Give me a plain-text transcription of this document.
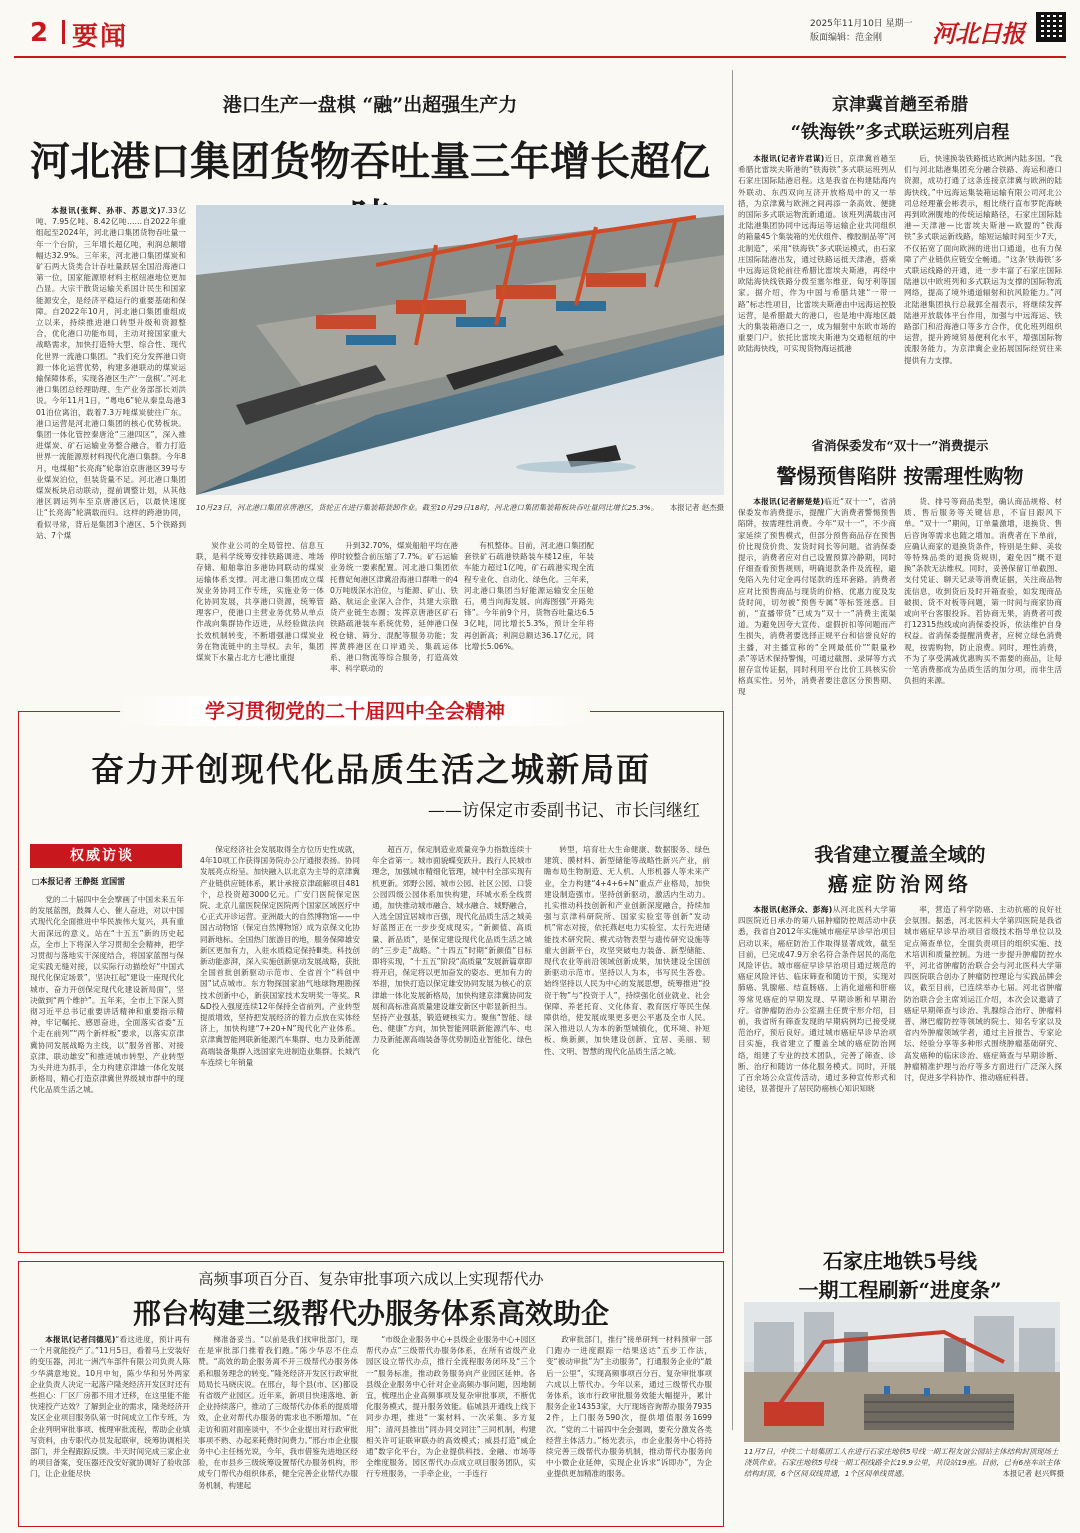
2 要闻	2025年11月10日 星期一
版面编辑：范金刚 河北日报
港口生产一盘棋 “融”出超强生产力
河北港口集团货物吞吐量三年增长超亿
本报讯(张辉、孙菲、苏思文)7.33亿吨、7.95亿吨、8.42亿吨……自2022年重组起至2024年，河北港口集团货物吞吐量一年一个台阶，三年增长超亿吨，利润总额增幅达32.9%。三年来，河北港口集团煤炭和矿石两大货类合计吞吐量跃居全国沿海港口第一位，国家能源原材料主枢纽港地位更加凸显。大宗干散货运输关系国计民生和国家能源安全，是经济平稳运行的重要基础和保障。自2022年10月，河北港口集团重组成立以来，持续推进港口转型升级和资源整合，优化港口功能布局，主动对接国家重大战略需求，加快打造特大型、综合性、现代化世界一流港口集团。“我们充分发挥港口资源一体化运营优势，构建多港联动的煤炭运输保障体系，实现各港区生产‘一盘棋’。”河北港口集团总经理助理、生产业务部部长刘洪说。今年11月1日，“粤电6”轮从秦皇岛港301泊位离泊，载着7.3万吨煤炭驶往广东。港口运营是河北港口集团的核心优势板块。集团一体化管控秦唐沧“三港四区”，深入推进煤炭、矿石运输业务整合融合，着力打造世界一流能源原材料现代化港口集群。今年8月，电煤船“长亮海”轮靠泊京唐港区39号专业煤炭泊位，但装货量不足。河北港口集团煤炭板块启动联动，提前调整计划，从其他港区调运列车至京唐港区后，以最快速度让“长亮海”轮满载而归。这样的跨港协同，看似寻常，背后是集团3个港区、5个铁路到站、7个煤
10月23日，河北港口集团京唐港区，货轮正在进行集装箱装卸作业。截至10月29日18时，河北港口集团集装箱板块吞吐量同比增长25.3%。 本报记者 赵杰摄
炭作业公司的全局管控、信息互联，是科学统筹安排铁路调进、堆场存储、船舶靠泊多港协同联动的煤炭运输体系支撑。河北港口集团成立煤炭业务协同工作专班，实施业务一体化协同发展，共享港口资源，统筹管理客户，使港口主营业务优势从单点作战向集群协作迈进，从经验做法向长效机制转变，不断增强港口煤炭业务在物流链中的主导权。去年，集团煤炭下水量占北方七港比重提
升到32.70%，煤炭船舶平均在港停时较整合前压缩了7.7%。矿石运输业务统一要素配置。河北港口集团依托曹妃甸港区津冀沿海港口群唯一的40万吨级深水泊位，与能源、矿山、铁路、航运企业深入合作，共建大宗散货产业链生态圈；发挥京唐港区矿石铁路疏港装车系统优势，延伸港口保税仓储、筛分、混配等服务功能；发挥黄骅港区在口岸通关、集疏运体系、港口物流等综合服务，打造高效率、科学联动的
有机整体。目前，河北港口集团配套铁矿石疏港铁路装车楼12座，年装车能力超过1亿吨，矿石疏港实现全流程专业化、自动化、绿色化。三年来，河北港口集团当好能源运输安全压舱石，勇当向海发展、向海图强“开路先锋”。今年前9个月，货物吞吐量达6.53亿吨，同比增长5.3%，预计全年将再创新高；利润总额达36.17亿元，同比增长5.06%。
京津冀首趟至希腊
“铁海铁”多式联运班列启程
本报讯(记者许君谋)近日，京津冀首趟至希腊比雷埃夫斯港的“铁海铁”多式联运班列从石家庄国际陆港启程。这是我省在构建陆海内外联动、东西双向互济开放格局中的又一举措，为京津冀与欧洲之间再添一条高效、便捷的国际多式联运物流新通道。该班列满载由河北陆港集团协同中远海运等运输企业共同组织的箱量45个集装箱的光伏组件、橡胶制品等“河北制造”，采用“铁海铁”多式联运模式，由石家庄国际陆港出发，通过铁路运抵天津港，搭乘中远海运货轮前往希腊比雷埃夫斯港，再经中欧陆海快线铁路分拨至塞尔维亚、匈牙利等国家。据介绍，作为中国与希腊共建“一带一路”标志性项目，比雷埃夫斯港由中远海运控股运营，是希腊最大的港口，也是地中海地区最大的集装箱港口之一，成为辐射中东欧市场的重要门户。依托比雷埃夫斯港为交通枢纽的中欧陆海快线，可实现货物海运抵港
后，快速换装铁路抵达欧洲内陆多国。“我们与河北陆港集团充分融合铁路、海运和港口资源，成功打通了这条连接京津冀与欧洲的陆海快线。”中远海运集装箱运输有限公司河北公司总经理董会彬表示，相比绕行直布罗陀海峡再到欧洲腹地的传统运输路径，石家庄国际陆港—天津港—比雷埃夫斯港—欧盟的“铁海铁”多式联运新线路，缩短运输时间至少7天，不仅拓宽了面向欧洲的进出口通道，也有力保障了产业链供应链安全畅通。“这条‘铁海铁’多式联运线路的开通，进一步丰富了石家庄国际陆港以中欧班列和多式联运为支撑的国际物流网络，提高了境外通道辐射和抗风险能力。”河北陆港集团执行总裁郭全福表示，将继续发挥陆港开放载体平台作用，加强与中远海运、铁路部门和沿海港口等多方合作，优化班列组织运营，提升跨境贸易便利化水平，增强国际物流服务能力，为京津冀企业拓展国际经贸往来提供有力支撑。
省消保委发布“双十一”消费提示
警惕预售陷阱 按需理性购物
本报讯(记者解楚楚)临近“双十一”，省消保委发布消费提示，提醒广大消费者警惕预售陷阱，按需理性消费。今年“双十一”，不少商家延续了预售模式，但部分预售商品存在预售价比现货价贵、发货时间长等问题。省消保委提示，消费者应对自己设置预算冷静期，同时仔细查看预售规则，明确退款条件及流程，避免陷入先付定金再付尾款的连环套路。消费者应对比预售商品与现货的价格、优惠力度及发货时间，切勿被“预售专属”等标签迷惑。目前，“直播带货”已成为“双十一”消费主流渠道。为避免因夸大宣传、虚假折扣等问题而产生损失，消费者要选择正规平台和信誉良好的主播，对主播宣称的“全网最低价”“限量秒杀”等话术保持警惕，可通过截图、录屏等方式留存宣传证据，同时利用平台比价工具核实价格真实性。另外，消费者要注意区分预售期、现
货、排号等商品类型，确认商品规格、材质、售后服务等关键信息，不盲目跟风下单。“双十一”期间，订单量激增，退换货、售后咨询等需求也随之增加。消费者在下单前，应确认商家的退换货条件，特别是生鲜、美妆等特殊品类的退换货规则，避免因“概不退换”条款无法维权。同时，妥善保留订单截图、支付凭证、聊天记录等消费证据，关注商品物流信息，收到货后及时开箱查验，如发现商品破损、货不对板等问题，第一时间与商家协商或向平台客服投诉。若协商无果，消费者可拨打12315热线或向消保委投诉，依法维护自身权益。省消保委提醒消费者，应树立绿色消费观，按需购物，防止浪费。同时，理性消费，不为了享受满减优惠购买不需要的商品，让每一笔消费都成为品质生活的加分项，而非生活负担的来源。
我省建立覆盖全域的
癌症防治网络
本报讯(赵泽众、彭海)从河北医科大学第四医院近日承办的第八届肿瘤防控周活动中获悉，我省自2012年实施城市癌症早诊早治项目启动以来，癌症防治工作取得显著成效，截至目前，已完成47.9万余名符合条件居民的高危风险评估。城市癌症早诊早治项目通过规范的癌症风险评估、临床筛查和随访干预，实现对肺癌、乳腺癌、结直肠癌、上消化道癌和肝癌等常见癌症的早期发现、早期诊断和早期治疗。省肿瘤防治办公室副主任贾宇形介绍，目前，我省所有筛查发现的早期病例均已接受规范治疗，预后良好。通过城市癌症早诊早治项目实施，我省建立了覆盖全域的癌症防治网络，组建了专业的技术团队，完善了筛查、诊断、治疗和随访一体化服务模式。同时，开展了百余场公众宣传活动，通过多种宣传形式和途径，显著提升了居民防癌核心知识知晓
率，营造了科学防癌、主动抗癌的良好社会氛围。据悉，河北医科大学第四医院是我省城市癌症早诊早治项目省级技术指导单位以及定点筛查单位，全面负责项目的组织实施、技术培训和质量控制。为进一步提升肿瘤防控水平，河北省肿瘤防治联合会与河北医科大学第四医院联合创办了肿瘤防控理论与实践品牌会议，截至目前，已连续举办七届。河北省肿瘤防治联合会主席刘运江介绍，本次会议邀请了癌症早期筛查与诊治、乳腺综合治疗、肿瘤科普、淋巴瘤防控等领域的院士、知名专家以及省内外肿瘤领域学者，通过主旨报告、专家论坛、经验分享等多种形式围绕肿瘤基础研究、高发癌种的临床诊治、癌症筛查与早期诊断、肿瘤精准护理与治疗等多方面进行广泛深入探讨，促进多学科协作、推动癌症科普。
学习贯彻党的二十届四中全会精神
奋力开创现代化品质生活之城新局面
——访保定市委副书记、市长闫继红
权威访谈
□本报记者 王静挺 宣国雷
党的二十届四中全会擘画了中国未来五年的发展蓝图，鼓舞人心、催人奋进，对以中国式现代化全面推进中华民族伟大复兴，具有重大而深远的意义。站在“十五五”新的历史起点，全市上下将深入学习贯彻全会精神，把学习贯彻与落地实干深度结合，将国家蓝图与保定实践无缝对接，以实际行动描绘好“中国式现代化保定场景”，坚决扛起“建设一座现代化城市、奋力开创保定现代化建设新局面”，坚决做到“两个维护”。五年来，全市上下深入贯彻习近平总书记重要讲话精神和重要指示精神，牢记嘱托、感恩奋进，全面落实省委“五个走在前列”“两个新样板”要求，以落实京津冀协同发展战略为主线，以“服务首都、对接京津、联动雄安”和推进城市转型、产业转型为头并进为抓手，全力构建京津雄一体化发展新格局，精心打造京津冀世界级城市群中的现代化品质生活之城。
保定经济社会发展取得全方位历史性成就，4年10项工作获得国务院办公厅通报表扬。协同发展亮点纷呈。加快融入以北京为主导的京津冀产业链供应链体系，累计承接京津疏解项目481个，总投资超3000亿元。广安门医院保定医院、北京儿童医院保定医院两个国家区域医疗中心正式开诊运营。亚洲最大的自然博物馆——中国古动物馆（保定自然博物馆）成为京保文化协同新地标。全国热门旅游目的地，服务保障雄安新区更加有力，入驻水质稳定保持Ⅲ类。科技创新动能澎湃，深入实施创新驱动发展战略，获批全国首批创新驱动示范市、全省首个“科创中国”试点城市。东方物探国家油气地球物理勘探技术创新中心，新获国家技术发明奖一等奖。R&D投入强度连续12年保持全省前列。产业转型提质增效，坚持把发展经济的着力点放在实体经济上，加快构建“7+20+N”现代化产业体系。京津冀智能网联新能源汽车集群、电力及新能源高端装备集群入选国家先进制造业集群。长城汽车连续七年销量
超百万，保定制造业质量竞争力指数连续十年全省第一。城市面貌蝶变跃升。践行人民城市理念，加强城市精细化管理，城中村全部实现有机更新。郊野公园、城市公园、社区公园、口袋公园四级公园体系加快构建，环城水系全线贯通，加快推动城市融合、城水融合、城野融合，入选全国宜居城市百强，现代化品质生活之城美好蓝图正在一步步变成现实。“新颜值、高质量、新品质”，是保定建设现代化品质生活之城的“三步走”战略。“十四五”时期“新颜值”目标即将实现，“十五五”阶段“高质量”发展新篇章即将开启，保定将以更加奋发的姿态、更加有力的举措，加快打造以保定雄安协同发展为核心的京津雄一体化发展新格局，加快构建京津冀协同发展和高标准高质量建设雄安新区中彰显新担当。坚持产业强基，锻造硬核实力。聚焦“智能、绿色、健康”方向，加快智能网联新能源汽车、电力及新能源高端装备等优势制造业智能化、绿色化
转型，培育壮大生命健康、数据服务、绿色建筑、膜材料、新型储能等战略性新兴产业，前瞻布局生物制造、无人机、人形机器人等未来产业，全力构建“4+4+6+N”重点产业格局，加快建设制造强市。坚持创新驱动，激活内生动力。扎实推动科技创新和产业创新深度融合，持续加强与京津科研院所、国家实验室等创新“发动机”常态对接，依托燕赵电力实验室、太行先进储能技术研究院、模式动物表型与遗传研究设施等重大创新平台，攻坚突破电力装备、新型储能、现代农业等前沿领域创新成果，加快建设全国创新驱动示范市。坚持以人为本，书写民生答卷。始终坚持以人民为中心的发展思想，统筹推进“投资于物”与“投资于人”，持续强化创业就业、社会保障、养老托育、文化体育、教育医疗等民生保障供给，使发展成果更多更公平惠及全市人民。深入推进以人为本的新型城镇化，优环境、补短板、焕新颜，加快建设创新、宜居、美丽、韧性、文明、智慧的现代化品质生活之城。
高频事项百分百、复杂审批事项六成以上实现帮代办
邢台构建三级帮代办服务体系高效助企
本报讯(记者闫德见)“看这进度，预计再有一个月就能投产了。”11月5日，看着马上安装好的变压器，河北一洲汽车部件有限公司负责人陈少华满意地说。10月中旬，陈少华和另外两家企业负责人决定一起落户隆尧经济开发区时还有些担心：厂区厂房都不用才迁移，在这里能不能快速投产达效？了解到企业的需求，隆尧经济开发区企业项目服务队第一时间成立工作专班，为企业列明审批事项、梳理审批流程，帮助企业填写资料，由专职代办员发起联审，统筹协调相关部门，并全程跟踪反馈。半天时间完成三家企业的项目备案，变压器还没安好就协调好了验收部门，让企业能尽快
梯准备妥当。“以前是我们找审批部门，现在是审批部门推着我们跑。”陈少华忍不住点赞。“高效的助企服务离不开三级帮代办服务体系和服务理念的转变。”隆尧经济开发区行政审批局局长马晓庆说。在邢台，每个县(市、区)都设有省级产业园区。近年来，新项目快速落地、新企业持续落户，推动了三级帮代办体系的提质增效，企业对帮代办服务的需求也不断增加。“在走访和面对面座谈中，不少企业提出对行政审批事项不熟、办起来耗费时间费力。”邢台市企业服务中心主任杨光说，今年，我市借鉴先进地区经验，在市县乡三级统筹设置帮代办服务机构，形成专门帮代办组织体系，健全完善企业帮代办服务机制，构建起
“市级企业服务中心+县级企业服务中心+园区帮代办点”三级帮代办服务体系，在所有省级产业园区设立帮代办点，推行全流程服务闭环及“三个一”服务标准，推动政务服务向产业园区延伸。各县级企业服务中心针对企业高频办事问题，因地制宜，梳理出企业高频事项及复杂审批事项，不断优化服务模式，提升服务效能。临城县开通线上线下同步办理，推进“一案材料、一次采集、多方复用”；清河县推出“同办同交同注”三同机制，构建相关许可证联审联办的高效模式；威县打造“威企通”数字化平台，为企业提供科技、金融、市场等全维度服务。园区帮代办点成立项目服务团队，实行专班服务，一手牵企业，一手连行
政审批部门，推行“接单研判一材料预审一部门跑办一进度跟踪一结果送达”五步工作法，变“被动审批”为“主动服务”，打通服务企业的“最后一公里”，实现高频事项百分百、复杂审批事项六成以上帮代办。今年以来，通过三级帮代办服务体系，该市行政审批服务效能大幅提升，累计服务企业14353家，大厅现场咨询帮办服务79352件，上门服务590次，提供增值服务1699次。“党的二十届四中全会强调，要充分激发各类经营主体活力。”杨光表示，市企业服务中心将持续完善三级帮代办服务机制，推动帮代办服务向中小微企业延伸，实现企业诉求“诉即办”，为企业提供更加精准的服务。
石家庄地铁5号线
一期工程刷新“进度条”
11月7日，中铁二十局集团工人在进行石家庄地铁5号线一期工程友谊公园站主体结构封顶现场土浇筑作业。石家庄地铁5号线一期工程线路全长19.9公里，共设站19座。目前，已有6座车站主体结构封顶，6个区间双线贯通，1个区间单线贯通。	本报记者 赵兴辉摄
